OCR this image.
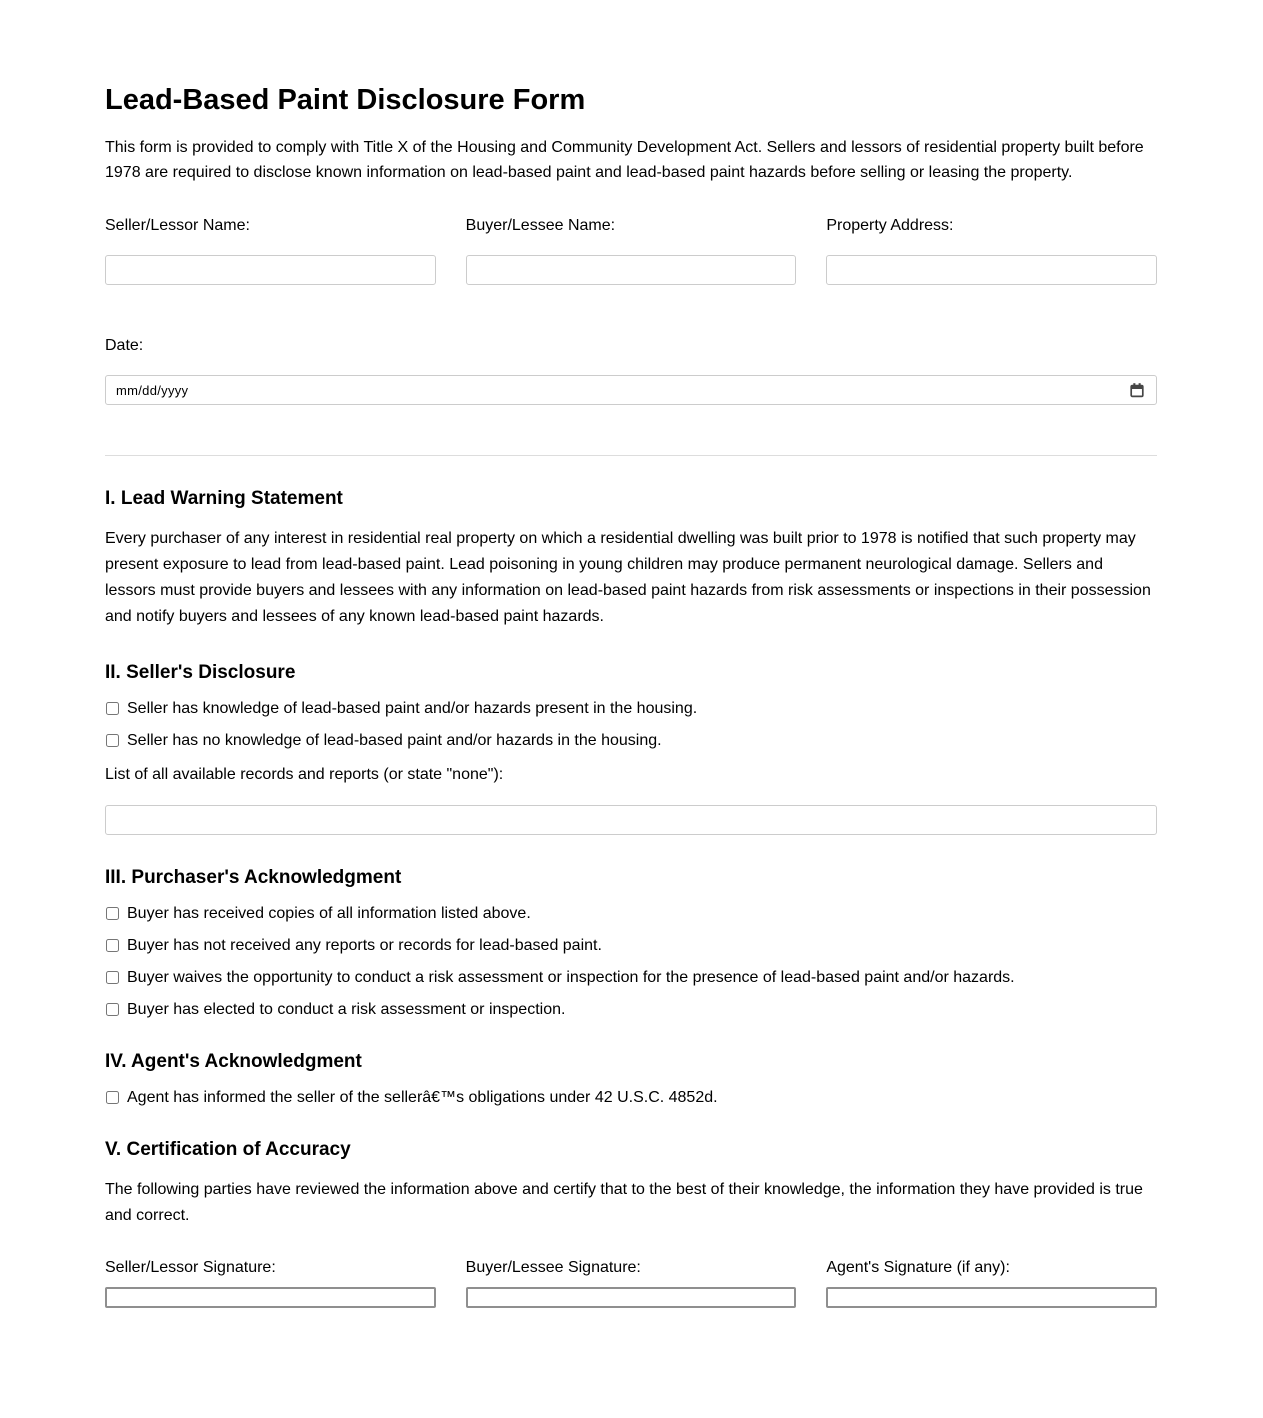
Lead-Based Paint Disclosure Form

This form is provided to comply with Title X of the Housing and Community Development Act. Sellers and lessors of residential property built before 1978 are required to disclose known information on lead-based paint and lead-based paint hazards before selling or leasing the property.

Seller/Lessor Name:	Buyer/Lessee Name:	Property Address:
Date:
mm/dd/yyyy
I. Lead Warning Statement

Every purchaser of any interest in residential real property on which a residential dwelling was built prior to 1978 is notified that such property may present exposure to lead from lead-based paint. Lead poisoning in young children may produce permanent neurological damage. Sellers and lessors must provide buyers and lessees with any information on lead-based paint hazards from risk assessments or inspections in their possession and notify buyers and lessees of any known lead-based paint hazards.

II. Seller's Disclosure
Seller has knowledge of lead-based paint and/or hazards present in the housing.
Seller has no knowledge of lead-based paint and/or hazards in the housing.
List of all available records and reports (or state "none"):
III. Purchaser's Acknowledgment
Buyer has received copies of all information listed above.
Buyer has not received any reports or records for lead-based paint.
Buyer waives the opportunity to conduct a risk assessment or inspection for the presence of lead-based paint and/or hazards.
Buyer has elected to conduct a risk assessment or inspection.
IV. Agent's Acknowledgment
Agent has informed the seller of the sellerâ€™s obligations under 42 U.S.C. 4852d.
V. Certification of Accuracy

The following parties have reviewed the information above and certify that to the best of their knowledge, the information they have provided is true and correct.

Seller/Lessor Signature:	Buyer/Lessee Signature:	Agent's Signature (if any):
